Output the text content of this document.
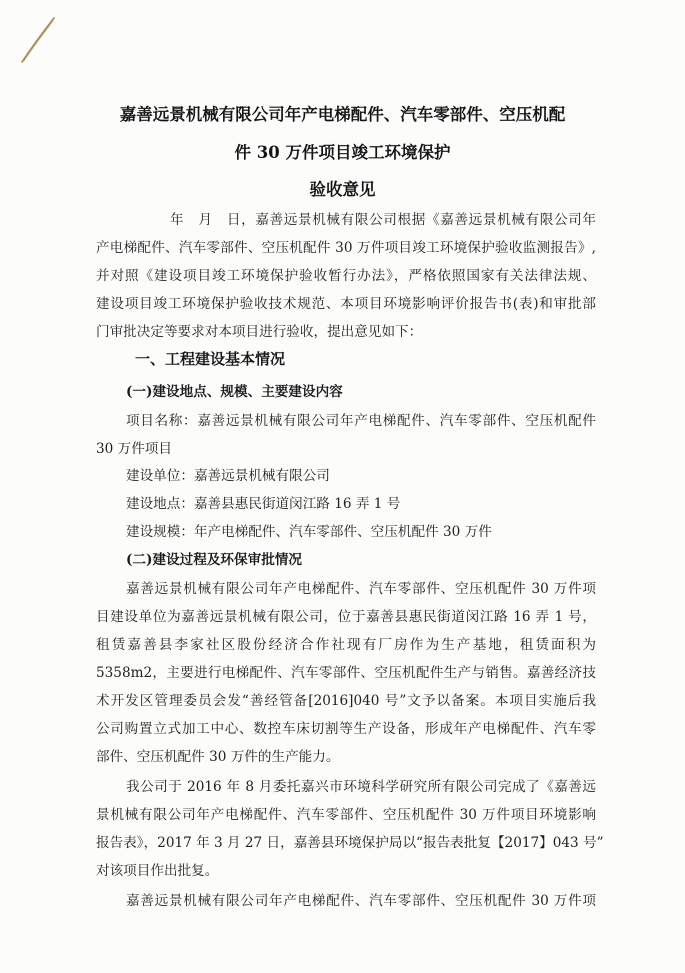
嘉善远景机械有限公司年产电梯配件、汽车零部件、空压机配
件 30 万件项目竣工环境保护
验收意见
年　月　日，嘉善远景机械有限公司根据《嘉善远景机械有限公司年
产电梯配件、汽车零部件、空压机配件 30 万件项目竣工环境保护验收监测报告》,
并对照《建设项目竣工环境保护验收暂行办法》，严格依照国家有关法律法规、
建设项目竣工环境保护验收技术规范、本项目环境影响评价报告书(表)和审批部
门审批决定等要求对本项目进行验收，提出意见如下：
一、工程建设基本情况
(一)建设地点、规模、主要建设内容
项目名称：嘉善远景机械有限公司年产电梯配件、汽车零部件、空压机配件
30 万件项目
建设单位：嘉善远景机械有限公司
建设地点：嘉善县惠民街道闵江路 16 弄 1 号
建设规模：年产电梯配件、汽车零部件、空压机配件 30 万件
(二)建设过程及环保审批情况
嘉善远景机械有限公司年产电梯配件、汽车零部件、空压机配件 30 万件项
目建设单位为嘉善远景机械有限公司，位于嘉善县惠民街道闵江路 16 弄 1 号，
租赁嘉善县李家社区股份经济合作社现有厂房作为生产基地，租赁面积为
5358m2，主要进行电梯配件、汽车零部件、空压机配件生产与销售。嘉善经济技
术开发区管理委员会发“善经管备[2016]040 号”文予以备案。本项目实施后我
公司购置立式加工中心、数控车床切割等生产设备，形成年产电梯配件、汽车零
部件、空压机配件 30 万件的生产能力。
我公司于 2016 年 8 月委托嘉兴市环境科学研究所有限公司完成了《嘉善远
景机械有限公司年产电梯配件、汽车零部件、空压机配件 30 万件项目环境影响
报告表》，2017 年 3 月 27 日，嘉善县环境保护局以“报告表批复【2017】043 号”
对该项目作出批复。
嘉善远景机械有限公司年产电梯配件、汽车零部件、空压机配件 30 万件项
